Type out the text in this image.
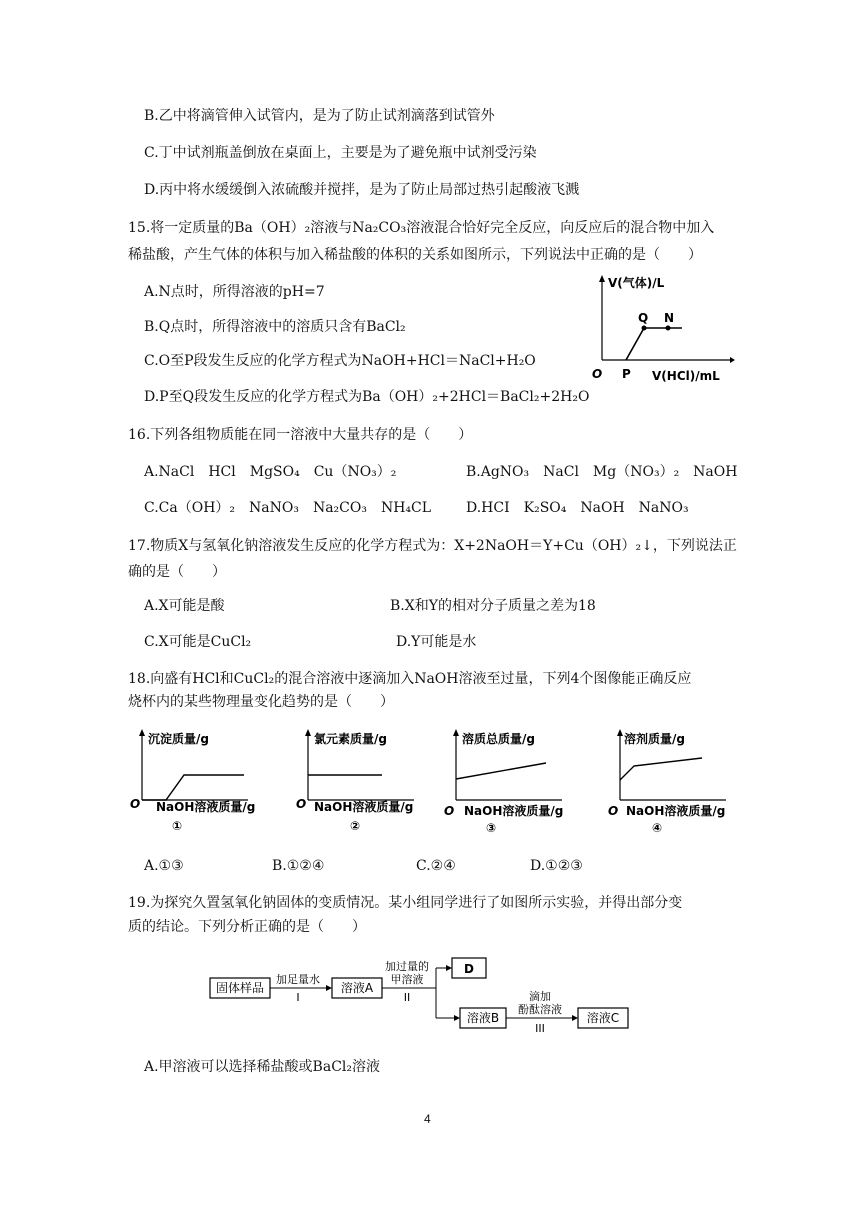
B.乙中将滴管伸入试管内，是为了防止试剂滴落到试管外
C.丁中试剂瓶盖倒放在桌面上，主要是为了避免瓶中试剂受污染
D.丙中将水缓缓倒入浓硫酸并搅拌，是为了防止局部过热引起酸液飞溅
15.将一定质量的Ba（OH）₂溶液与Na₂CO₃溶液混合恰好完全反应，向反应后的混合物中加入
稀盐酸，产生气体的体积与加入稀盐酸的体积的关系如图所示，下列说法中正确的是（　　）
A.N点时，所得溶液的pH=7
B.Q点时，所得溶液中的溶质只含有BaCl₂
C.O至P段发生反应的化学方程式为NaOH+HCl＝NaCl+H₂O
D.P至Q段发生反应的化学方程式为Ba（OH）₂+2HCl＝BaCl₂+2H₂O
V(气体)/L
O P
Q N
V(HCl)/mL
16.下列各组物质能在同一溶液中大量共存的是（　　）
A.NaCl　HCl　MgSO₄　Cu（NO₃）₂	B.AgNO₃　NaCl　Mg（NO₃）₂　NaOH
C.Ca（OH）₂　NaNO₃　Na₂CO₃　NH₄CL D.HCI　K₂SO₄　NaOH　NaNO₃
17.物质X与氢氧化钠溶液发生反应的化学方程式为：X+2NaOH＝Y+Cu（OH）₂↓，下列说法正
确的是（　　）
A.X可能是酸	B.X和Y的相对分子质量之差为18
C.X可能是CuCl₂	D.Y可能是水
18.向盛有HCl和CuCl₂的混合溶液中逐滴加入NaOH溶液至过量，下列4个图像能正确反应
烧杯内的某些物理量变化趋势的是（　　）
沉淀质量/g
O NaOH溶液质量/g
①
氯元素质量/g
O NaOH溶液质量/g
②
溶质总质量/g
O NaOH溶液质量/g
③
溶剂质量/g
O NaOH溶液质量/g
④
A.①③	B.①②④	C.②④	D.①②③
19.为探究久置氢氧化钠固体的变质情况。某小组同学进行了如图所示实验，并得出部分变
质的结论。下列分析正确的是（　　）
固体样品
加足量水
I
溶液A
加过量的
甲溶液
II
D
溶液B
滴加
酚酞溶液
III
溶液C
A.甲溶液可以选择稀盐酸或BaCl₂溶液
4
